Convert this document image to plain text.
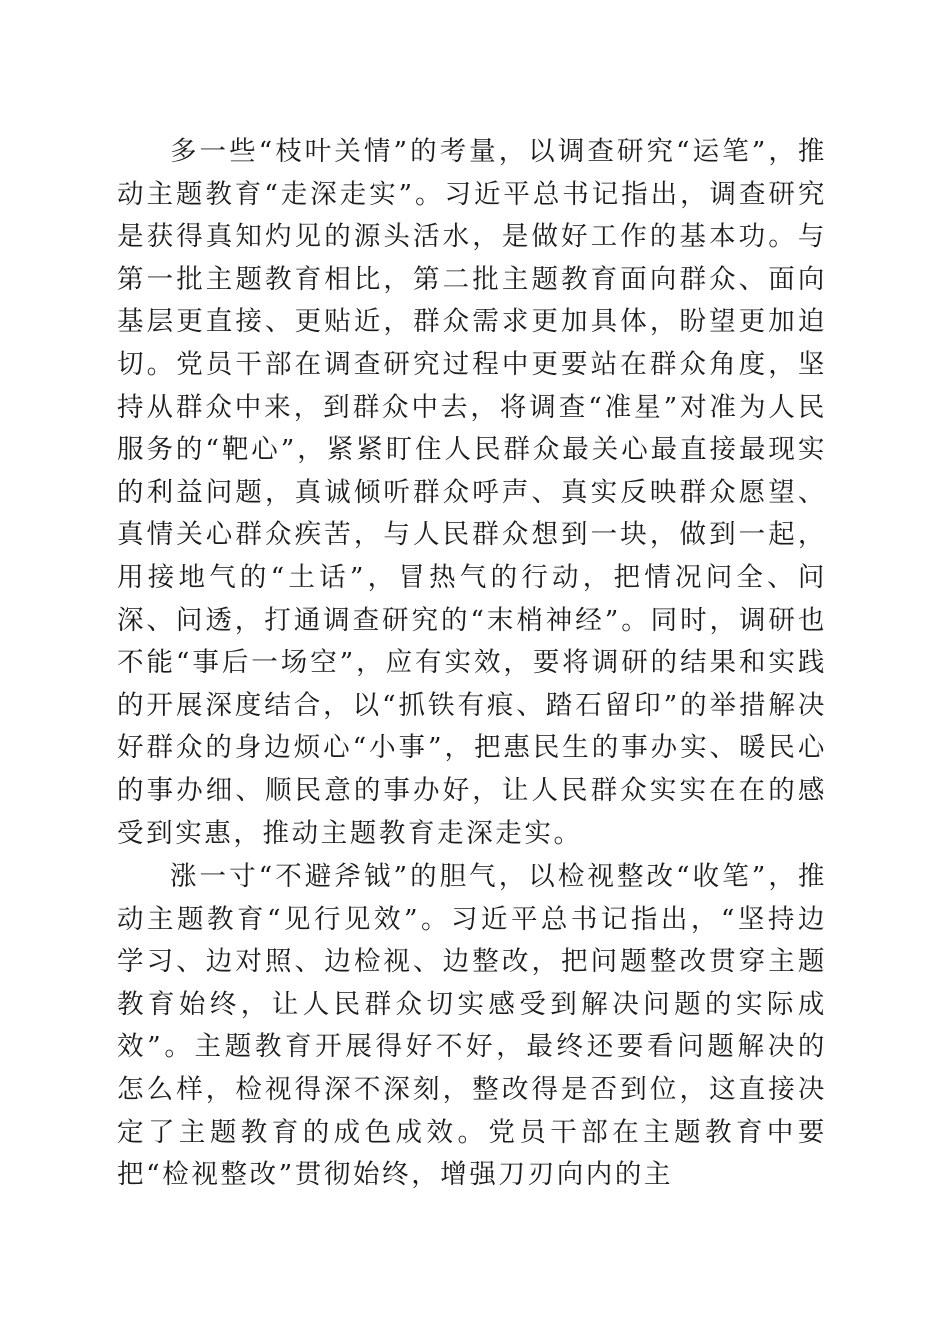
多一些“枝叶关情”的考量，以调查研究“运笔”，推动主题教育“走深走实”。习近平总书记指出，调查研究是获得真知灼见的源头活水，是做好工作的基本功。与第一批主题教育相比，第二批主题教育面向群众、面向基层更直接、更贴近，群众需求更加具体，盼望更加迫切。党员干部在调查研究过程中更要站在群众角度，坚持从群众中来，到群众中去，将调查“准星”对准为人民服务的“靶心”，紧紧盯住人民群众最关心最直接最现实的利益问题，真诚倾听群众呼声、真实反映群众愿望、真情关心群众疾苦，与人民群众想到一块，做到一起，用接地气的“土话”，冒热气的行动，把情况问全、问深、问透，打通调查研究的“末梢神经”。同时，调研也不能“事后一场空”，应有实效，要将调研的结果和实践的开展深度结合，以“抓铁有痕、踏石留印”的举措解决好群众的身边烦心“小事”，把惠民生的事办实、暖民心的事办细、顺民意的事办好，让人民群众实实在在的感受到实惠，推动主题教育走深走实。

涨一寸“不避斧钺”的胆气，以检视整改“收笔”，推动主题教育“见行见效”。习近平总书记指出，“坚持边学习、边对照、边检视、边整改，把问题整改贯穿主题教育始终，让人民群众切实感受到解决问题的实际成效”。主题教育开展得好不好，最终还要看问题解决的怎么样，检视得深不深刻，整改得是否到位，这直接决定了主题教育的成色成效。党员干部在主题教育中要把“检视整改”贯彻始终，增强刀刃向内的主
